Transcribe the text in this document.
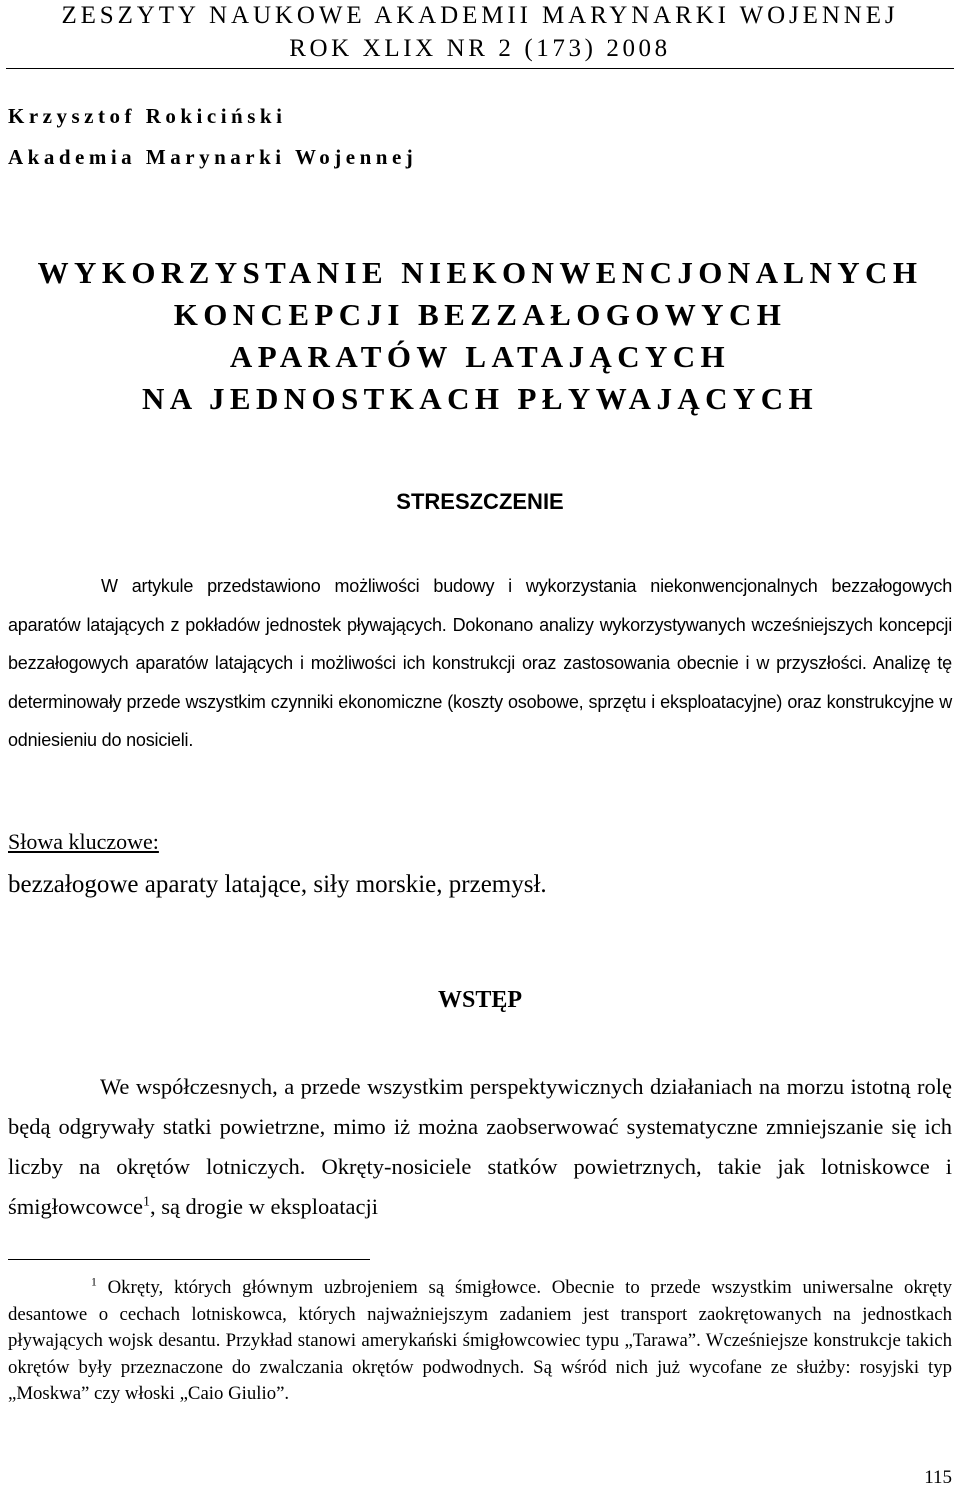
ZESZYTY NAUKOWE AKADEMII MARYNARKI WOJENNEJ
ROK XLIX NR 2 (173) 2008
Krzysztof Rokiciński
Akademia Marynarki Wojennej
WYKORZYSTANIE NIEKONWENCJONALNYCH
KONCEPCJI BEZZAŁOGOWYCH
APARATÓW LATAJĄCYCH
NA JEDNOSTKACH PŁYWAJĄCYCH
STRESZCZENIE
W artykule przedstawiono możliwości budowy i wykorzystania niekonwencjonalnych bezzałogowych aparatów latających z pokładów jednostek pływających. Dokonano analizy wykorzystywanych wcześniejszych koncepcji bezzałogowych aparatów latających i możliwości ich konstrukcji oraz zastosowania obecnie i w przyszłości. Analizę tę determinowały przede wszystkim czynniki ekonomiczne (koszty osobowe, sprzętu i eksploatacyjne) oraz konstrukcyjne w odniesieniu do nosicieli.
Słowa kluczowe:
bezzałogowe aparaty latające, siły morskie, przemysł.
WSTĘP
We współczesnych, a przede wszystkim perspektywicznych działaniach na morzu istotną rolę będą odgrywały statki powietrzne, mimo iż można zaobserwować systematyczne zmniejszanie się ich liczby na okrętów lotniczych. Okręty-nosiciele statków powietrznych, takie jak lotniskowce i śmigłowcowce$^1$, są drogie w eksploatacji
$^1$ Okręty, których głównym uzbrojeniem są śmigłowce. Obecnie to przede wszystkim uniwersalne okręty desantowe o cechach lotniskowca, których najważniejszym zadaniem jest transport zaokrętowanych na jednostkach pływających wojsk desantu. Przykład stanowi amerykański śmigłowcowiec typu „Tarawa”. Wcześniejsze konstrukcje takich okrętów były przeznaczone do zwalczania okrętów podwodnych. Są wśród nich już wycofane ze służby: rosyjski typ „Moskwa” czy włoski „Caio Giulio”.
115
